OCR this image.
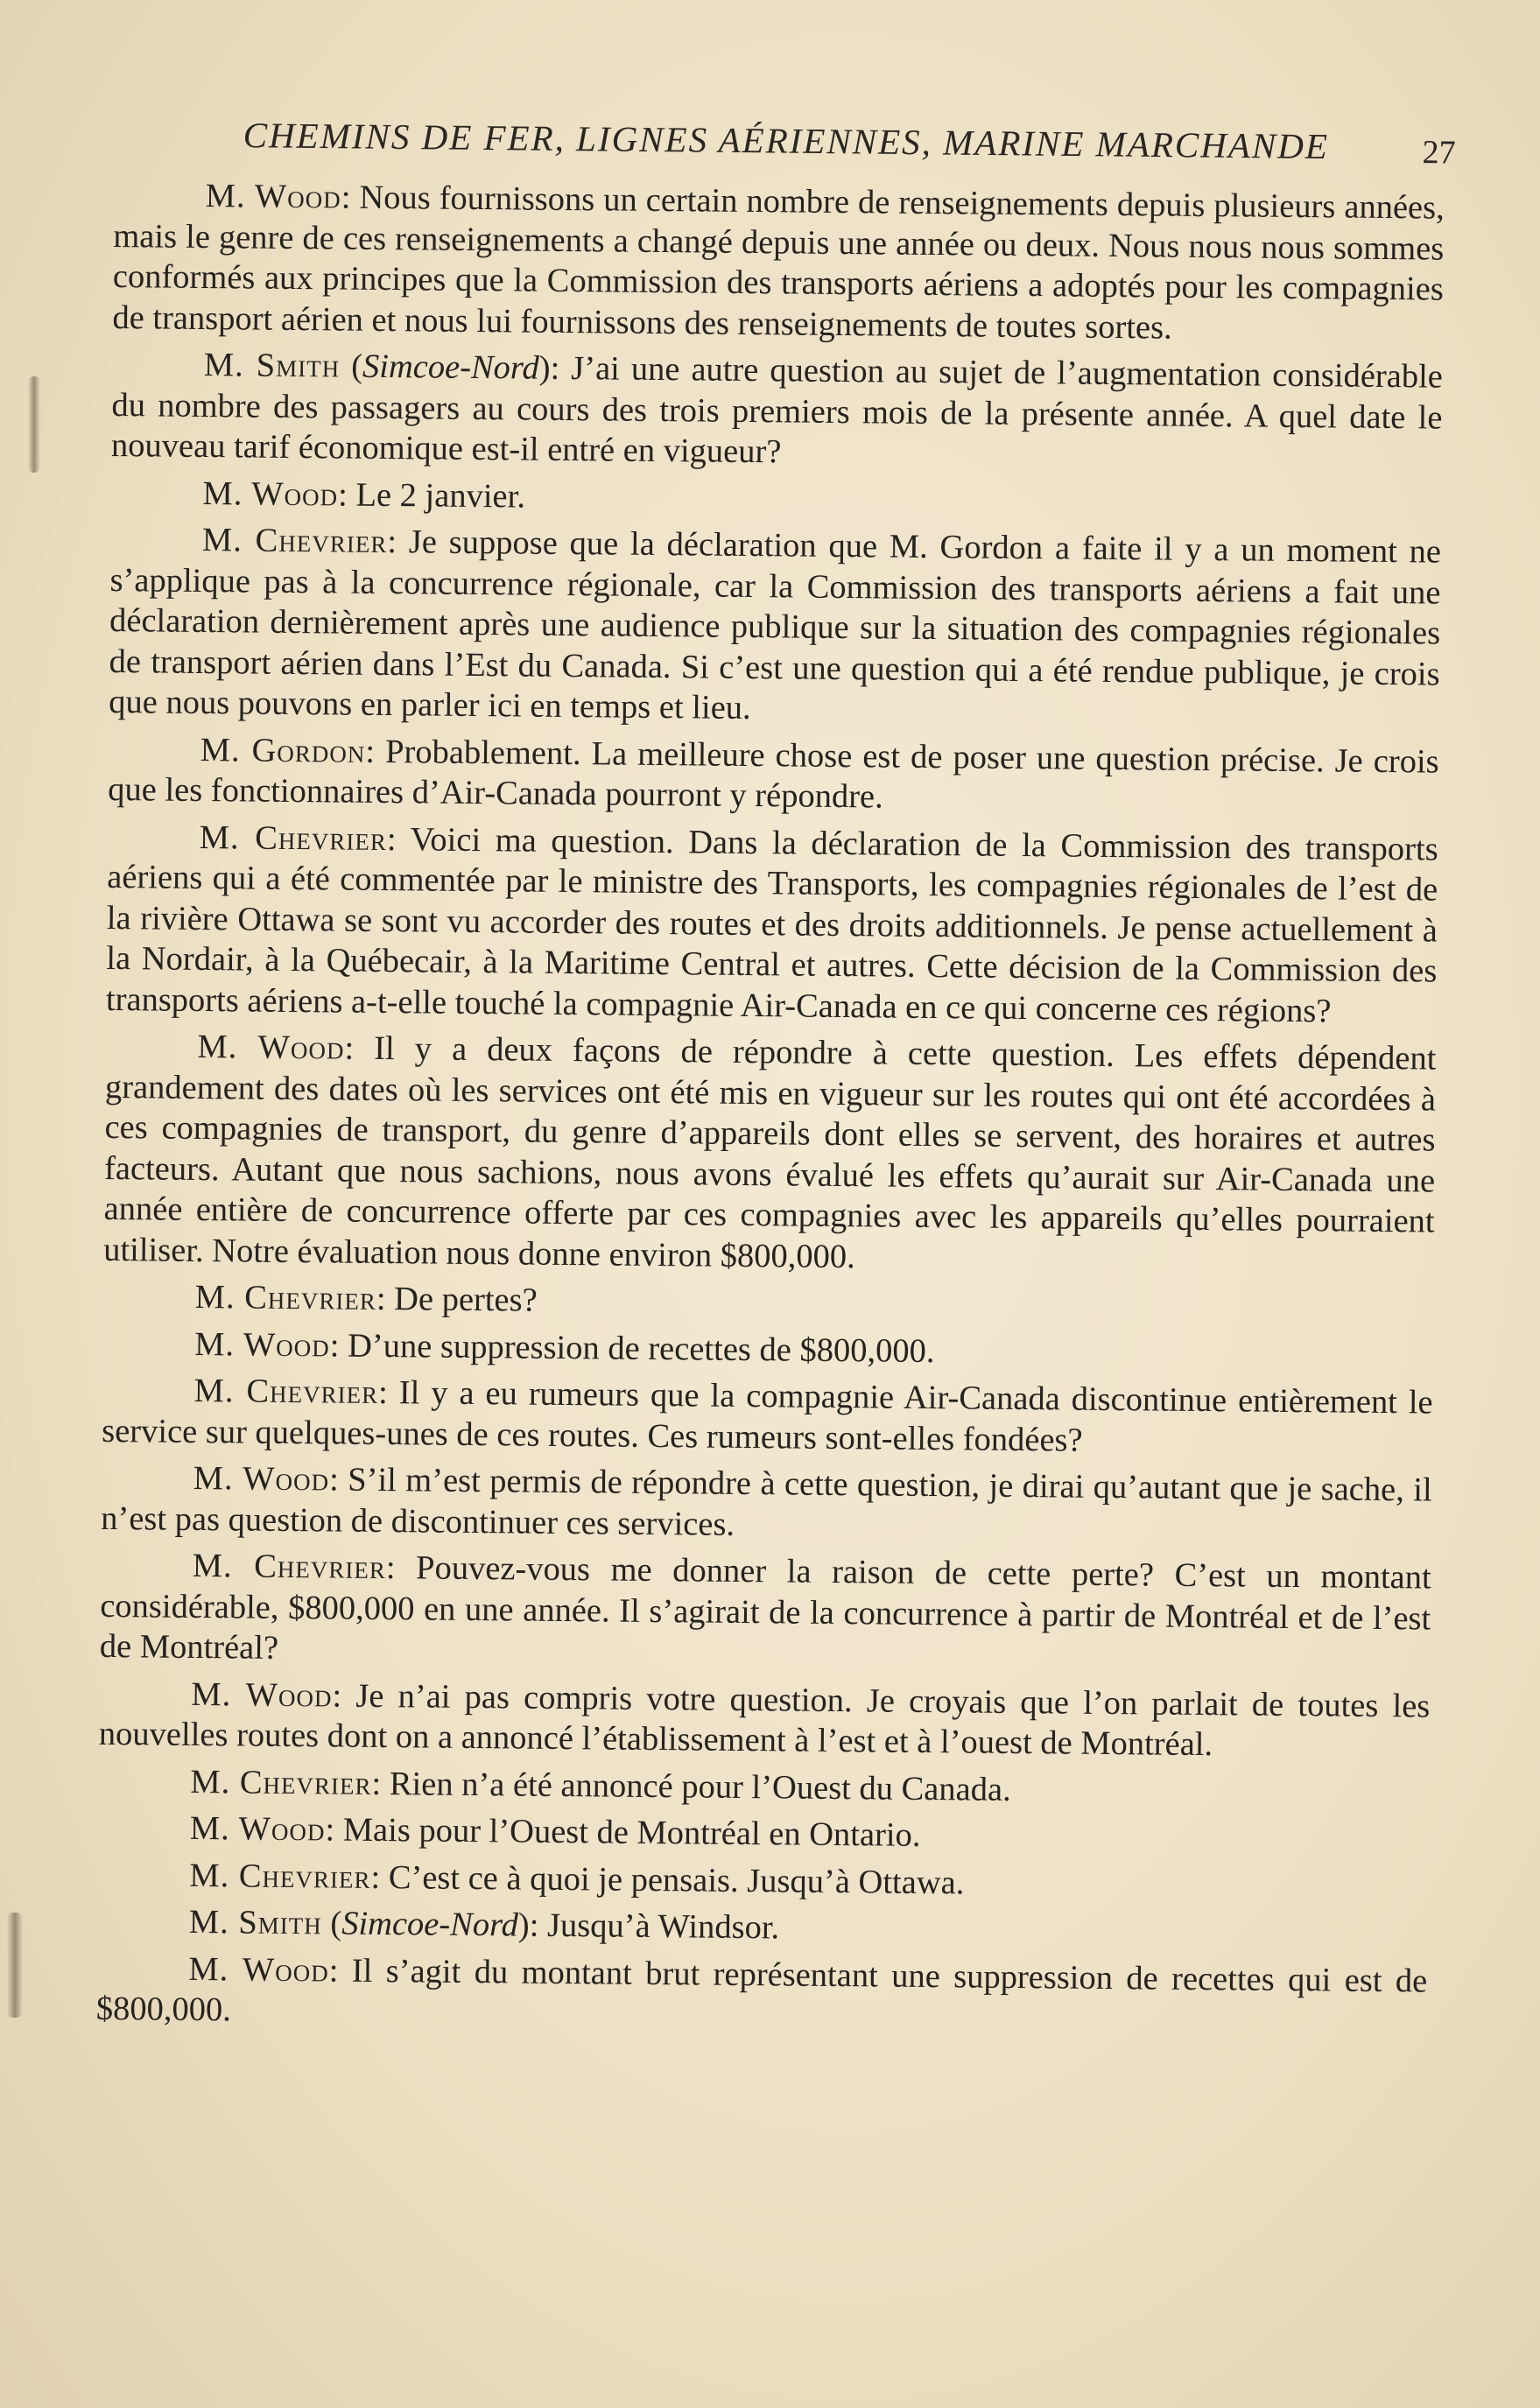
CHEMINS DE FER, LIGNES AÉRIENNES, MARINE MARCHANDE	27

M. Wood: Nous fournissons un certain nombre de renseignements depuis plusieurs années, mais le genre de ces renseignements a changé depuis une année ou deux. Nous nous nous sommes conformés aux principes que la Commission des transports aériens a adoptés pour les compagnies de transport aérien et nous lui fournissons des renseignements de toutes sortes.

M. Smith (Simcoe-Nord): J’ai une autre question au sujet de l’augmentation considérable du nombre des passagers au cours des trois premiers mois de la présente année. A quel date le nouveau tarif économique est-il entré en vigueur?

M. Wood: Le 2 janvier.

M. Chevrier: Je suppose que la déclaration que M. Gordon a faite il y a un moment ne s’applique pas à la concurrence régionale, car la Commission des transports aériens a fait une déclaration dernièrement après une audience publique sur la situation des compagnies régionales de transport aérien dans l’Est du Canada. Si c’est une question qui a été rendue publique, je crois que nous pouvons en parler ici en temps et lieu.

M. Gordon: Probablement. La meilleure chose est de poser une question précise. Je crois que les fonctionnaires d’Air-Canada pourront y répondre.

M. Chevrier: Voici ma question. Dans la déclaration de la Commission des transports aériens qui a été commentée par le ministre des Transports, les compagnies régionales de l’est de la rivière Ottawa se sont vu accorder des routes et des droits additionnels. Je pense actuellement à la Nordair, à la Québecair, à la Maritime Central et autres. Cette décision de la Commission des transports aériens a-t-elle touché la compagnie Air-Canada en ce qui concerne ces régions?

M. Wood: Il y a deux façons de répondre à cette question. Les effets dépendent grandement des dates où les services ont été mis en vigueur sur les routes qui ont été accordées à ces compagnies de transport, du genre d’appareils dont elles se servent, des horaires et autres facteurs. Autant que nous sachions, nous avons évalué les effets qu’aurait sur Air-Canada une année entière de concurrence offerte par ces compagnies avec les appareils qu’elles pourraient utiliser. Notre évaluation nous donne environ $800,000.

M. Chevrier: De pertes?

M. Wood: D’une suppression de recettes de $800,000.

M. Chevrier: Il y a eu rumeurs que la compagnie Air-Canada discontinue entièrement le service sur quelques-unes de ces routes. Ces rumeurs sont-elles fondées?

M. Wood: S’il m’est permis de répondre à cette question, je dirai qu’autant que je sache, il n’est pas question de discontinuer ces services.

M. Chevrier: Pouvez-vous me donner la raison de cette perte? C’est un montant considérable, $800,000 en une année. Il s’agirait de la concurrence à partir de Montréal et de l’est de Montréal?

M. Wood: Je n’ai pas compris votre question. Je croyais que l’on parlait de toutes les nouvelles routes dont on a annoncé l’établissement à l’est et à l’ouest de Montréal.

M. Chevrier: Rien n’a été annoncé pour l’Ouest du Canada.

M. Wood: Mais pour l’Ouest de Montréal en Ontario.

M. Chevrier: C’est ce à quoi je pensais. Jusqu’à Ottawa.

M. Smith (Simcoe-Nord): Jusqu’à Windsor.

M. Wood: Il s’agit du montant brut représentant une suppression de recettes qui est de $800,000.
